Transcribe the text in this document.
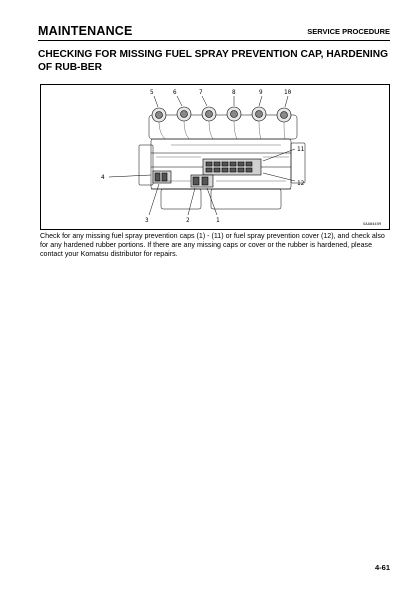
MAINTENANCE	SERVICE PROCEDURE
CHECKING FOR MISSING FUEL SPRAY PREVENTION CAP, HARDENING OF RUB-BER
5	6	7	8	9	10
11
4
12
3	2	1	SAA04459
Check for any missing fuel spray prevention caps (1) - (11) or fuel spray prevention cover (12), and check also for any hardened rubber portions. If there are any missing caps or cover or the rubber is hardened, please contact your Komatsu distributor for repairs.
4-61
